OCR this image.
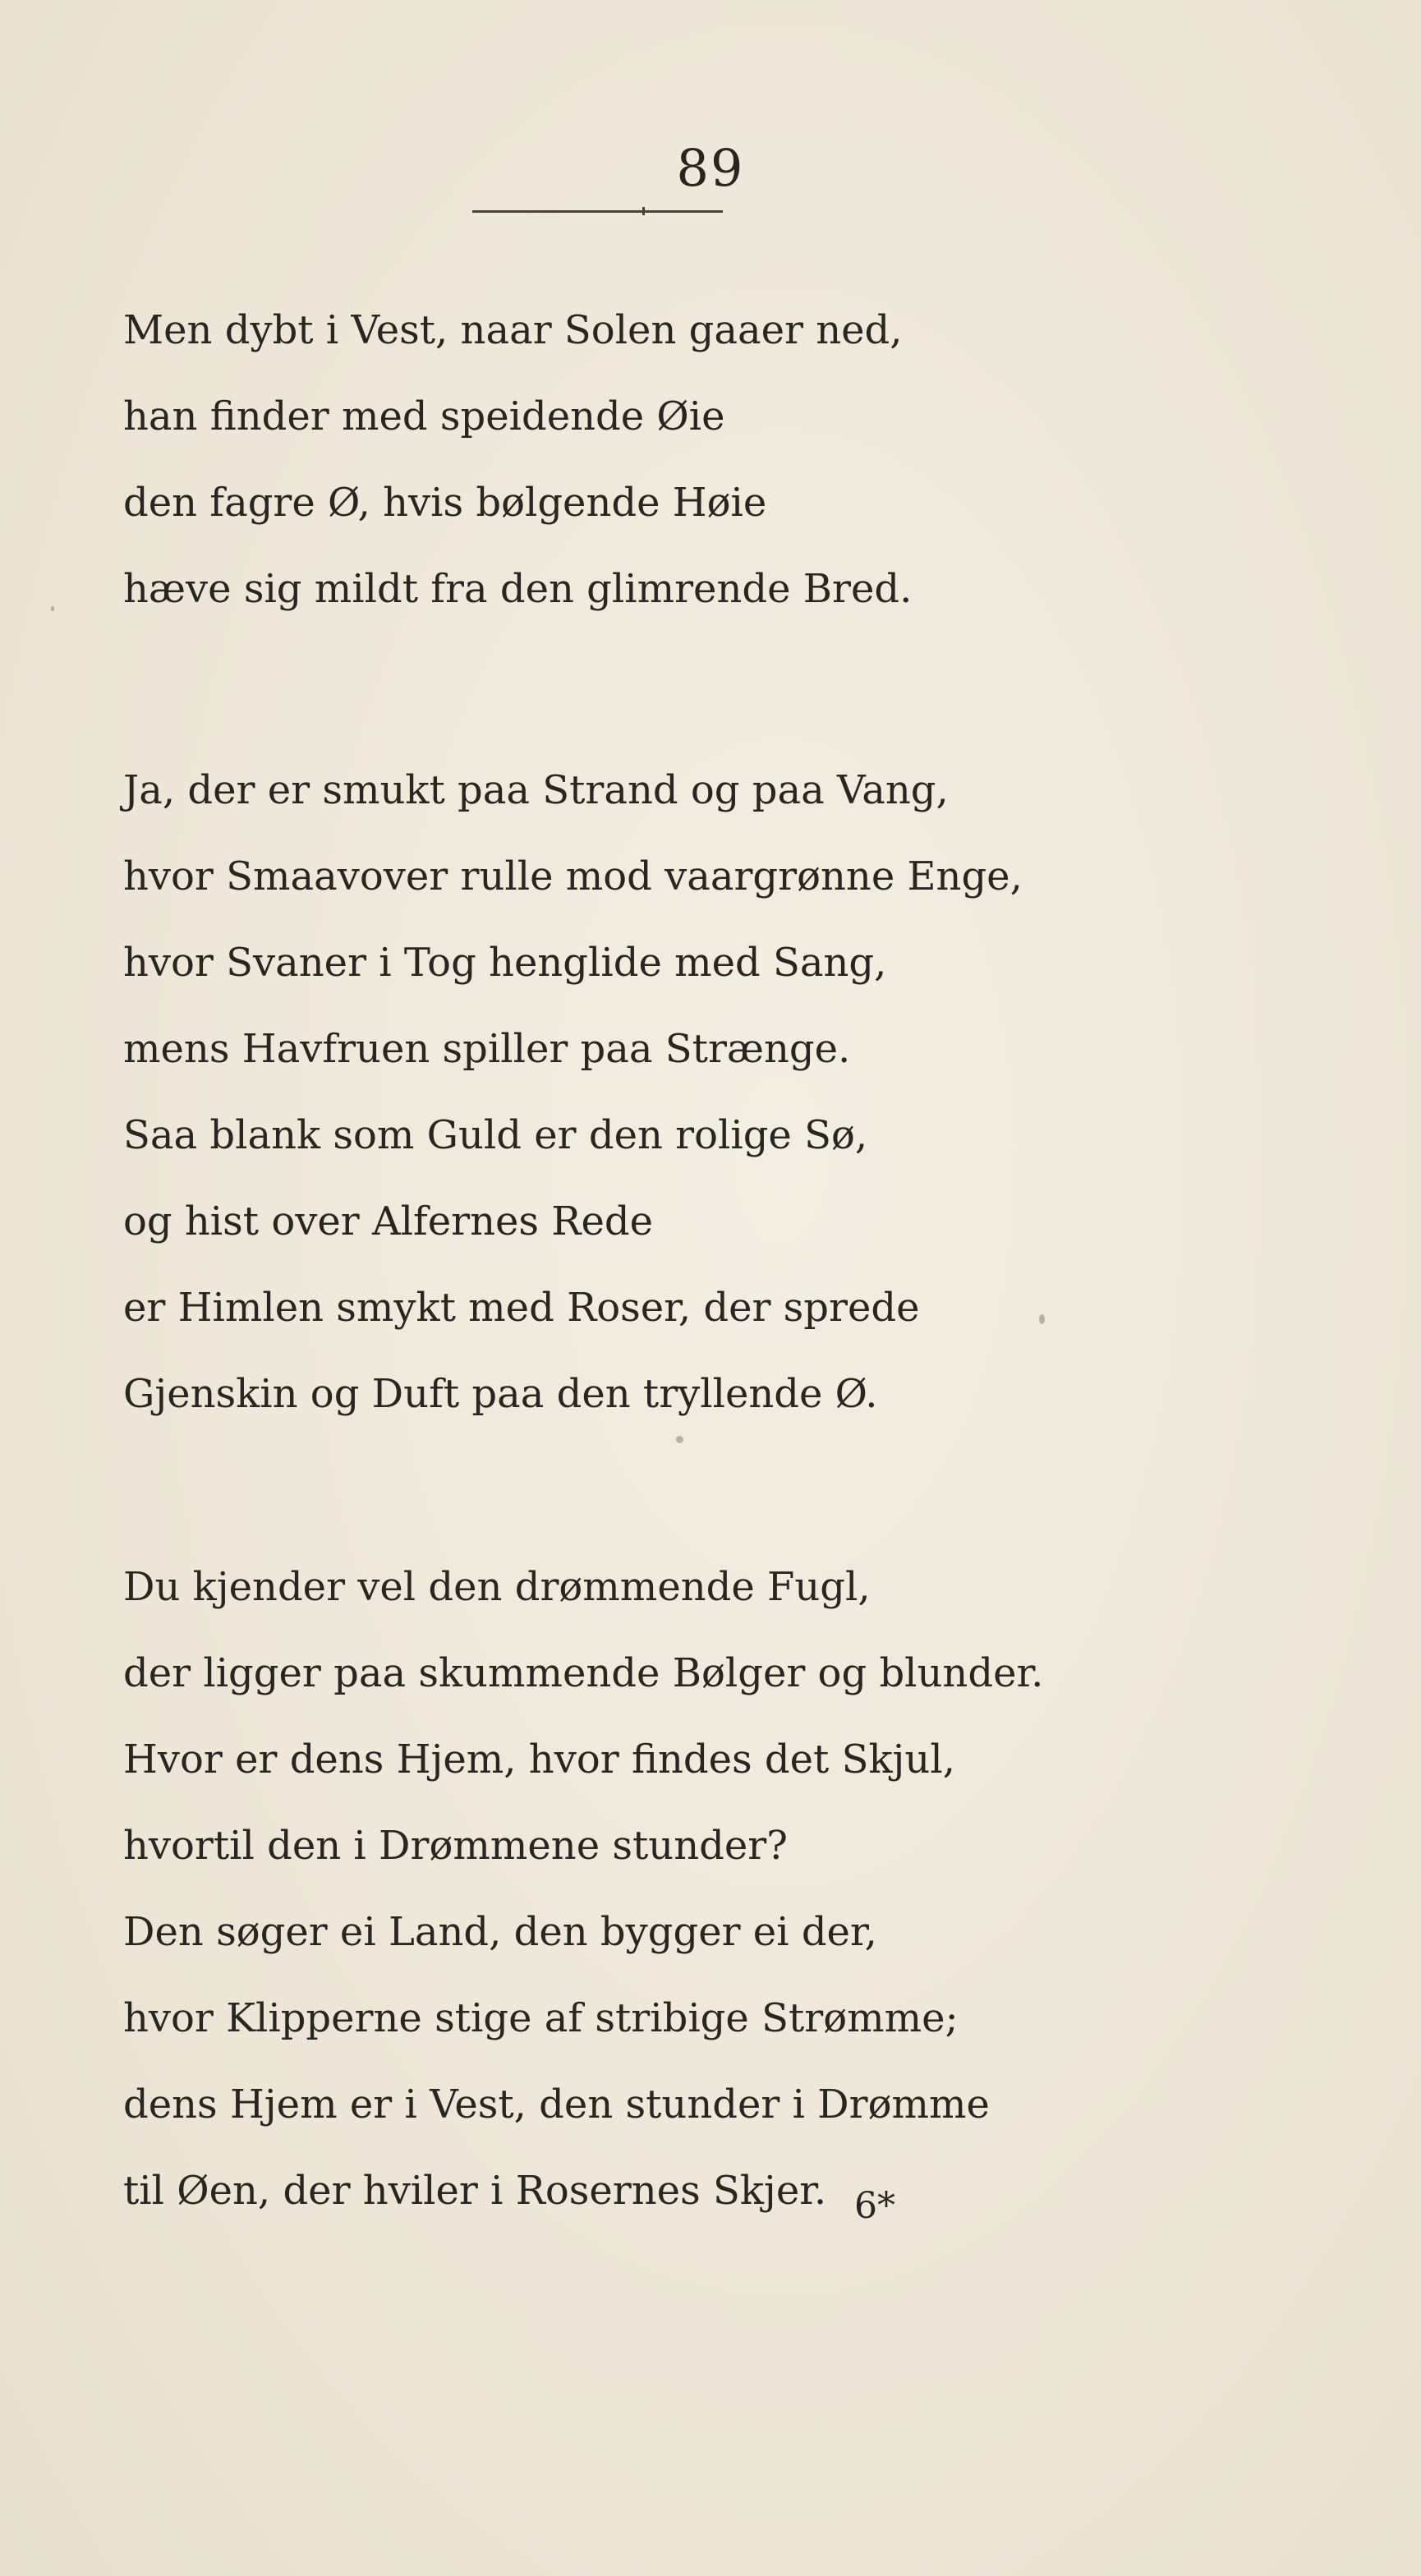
89
Men dybt i Vest, naar Solen gaaer ned,
han finder med speidende Øie
den fagre Ø, hvis bølgende Høie
hæve sig mildt fra den glimrende Bred.
Ja, der er smukt paa Strand og paa Vang,
hvor Smaavover rulle mod vaargrønne Enge,
hvor Svaner i Tog henglide med Sang,
mens Havfruen spiller paa Strænge.
Saa blank som Guld er den rolige Sø,
og hist over Alfernes Rede
er Himlen smykt med Roser, der sprede
Gjenskin og Duft paa den tryllende Ø.
Du kjender vel den drømmende Fugl,
der ligger paa skummende Bølger og blunder.
Hvor er dens Hjem, hvor findes det Skjul,
hvortil den i Drømmene stunder?
Den søger ei Land, den bygger ei der,
hvor Klipperne stige af stribige Strømme;
dens Hjem er i Vest, den stunder i Drømme
til Øen, der hviler i Rosernes Skjer. 6*
